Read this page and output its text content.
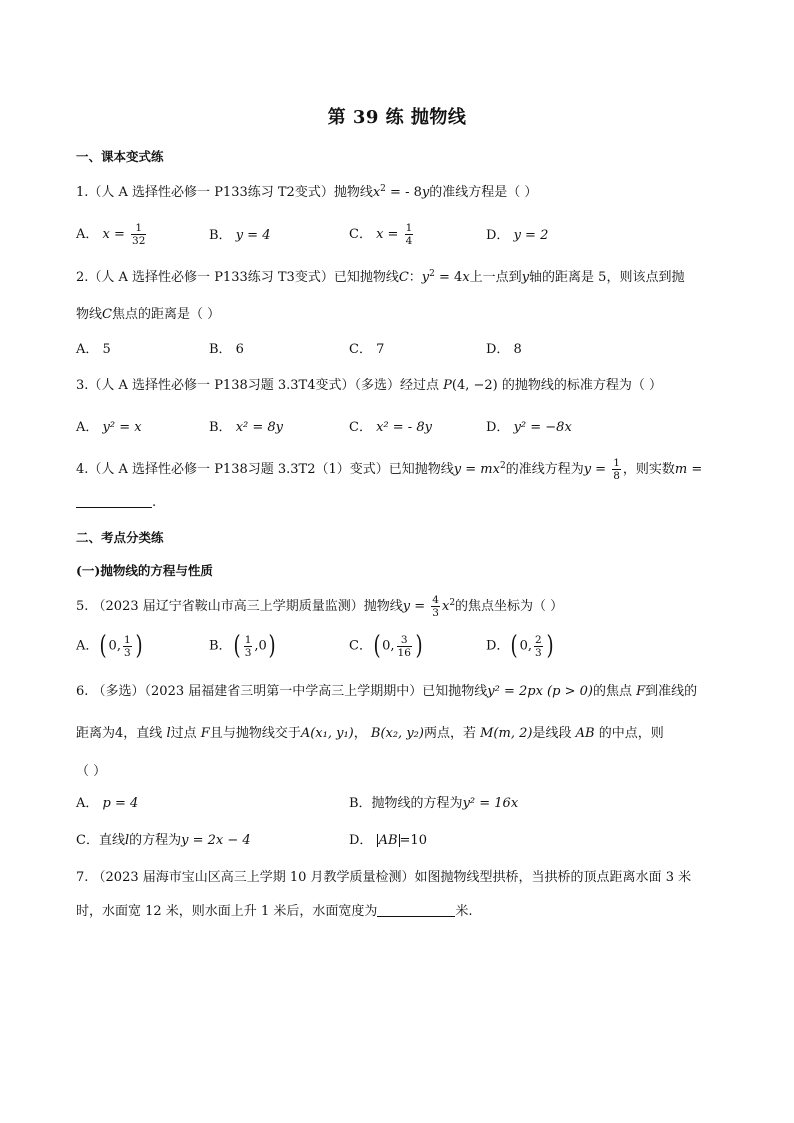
第 39 练 抛物线
一、课本变式练
1.（人 A 选择性必修一 P133练习 T2变式）抛物线$x^2$ = - 8y的准线方程是（ ）
A． $x = \frac{1}{32}$	B． y = 4	C． $x = \frac{1}{4}$	D． y = 2
2.（人 A 选择性必修一 P133练习 T3变式）已知抛物线C：$y^2 = 4x$上一点到y轴的距离是 5，则该点到抛
物线C焦点的距离是（ ）
A． 5	B． 6	C． 7	D． 8
3.（人 A 选择性必修一 P138习题 3.3T4变式）（多选）经过点 P(4, −2) 的抛物线的标准方程为（ ）
A． y² = x	B． x² = 8y	C． x² = - 8y	D． y² = −8x
4.（人 A 选择性必修一 P138习题 3.3T2（1）变式）已知抛物线$y = mx^2$的准线方程为$y = \frac{1}{8}$ ，则实数m =
.
二、考点分类练
(一)抛物线的方程与性质
5. （2023 届辽宁省鞍山市高三上学期质量监测）抛物线$y = \frac{4}{3} x^2$的焦点坐标为（ ）
A．( 0, $\frac{1}{3}$ )	B．( $\frac{1}{3} ,0$)	C．( 0, $\frac{3}{16}$ )	D．( 0, $\frac{2}{3}$ )
6. （多选）（2023 届福建省三明第一中学高三上学期期中）已知抛物线y² = 2px (p > 0)的焦点 F到准线的
距离为4，直线 l过点 F且与抛物线交于A(x₁, y₁)， B(x₂, y₂)两点，若 M(m, 2)是线段 AB 的中点，则
（ ）
A． p = 4	B．抛物线的方程为y² = 16x
C．直线l的方程为y = 2x − 4	D． AB =10
7. （2023 届海市宝山区高三上学期 10 月教学质量检测）如图抛物线型拱桥，当拱桥的顶点距离水面 3 米
时，水面宽 12 米，则水面上升 1 米后，水面宽度为	米.
